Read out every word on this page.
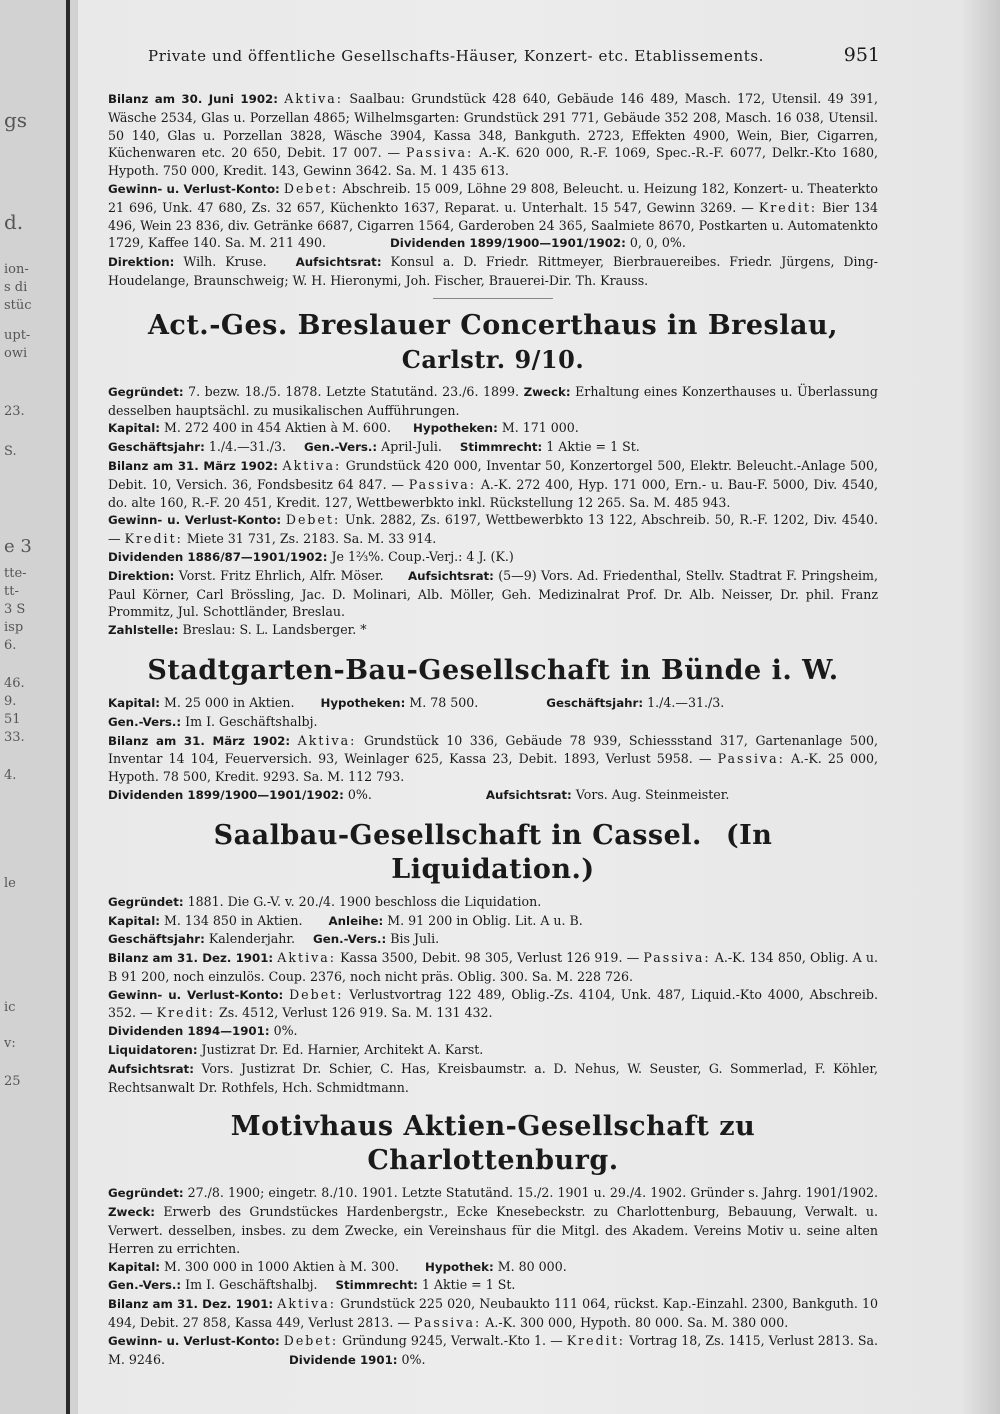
gs
d.
ion-
s di
stüc
upt-
owi
23.
S.
e 3
tte-
tt-
3 S
isp
6.
46.
9.
51
33.
4.
le
ic
v:
25
Private und öffentliche Gesellschafts-Häuser, Konzert- etc. Etablissements.	951

Bilanz am 30. Juni 1902: Aktiva: Saalbau: Grundstück 428 640, Gebäude 146 489, Masch. 172, Utensil. 49 391, Wäsche 2534, Glas u. Porzellan 4865; Wilhelmsgarten: Grundstück 291 771, Gebäude 352 208, Masch. 16 038, Utensil. 50 140, Glas u. Porzellan 3828, Wäsche 3904, Kassa 348, Bankguth. 2723, Effekten 4900, Wein, Bier, Cigarren, Küchenwaren etc. 20 650, Debit. 17 007. — Passiva: A.-K. 620 000, R.-F. 1069, Spec.-R.-F. 6077, Delkr.-Kto 1680, Hypoth. 750 000, Kredit. 143, Gewinn 3642. Sa. M. 1 435 613.

Gewinn- u. Verlust-Konto: Debet: Abschreib. 15 009, Löhne 29 808, Beleucht. u. Heizung 182, Konzert- u. Theaterkto 21 696, Unk. 47 680, Zs. 32 657, Küchenkto 1637, Reparat. u. Unterhalt. 15 547, Gewinn 3269. — Kredit: Bier 134 496, Wein 23 836, div. Getränke 6687, Cigarren 1564, Garderoben 24 365, Saalmiete 8670, Postkarten u. Automatenkto 1729, Kaffee 140. Sa. M. 211 490.	Dividenden 1899/1900—1901/1902: 0, 0, 0%.

Direktion: Wilh. Kruse. Aufsichtsrat: Konsul a. D. Friedr. Rittmeyer, Bierbrauereibes. Friedr. Jürgens, Ding-Houdelange, Braunschweig; W. H. Hieronymi, Joh. Fischer, Brauerei-Dir. Th. Krauss.

Act.-Ges. Breslauer Concerthaus in Breslau, Carlstr. 9/10.

Gegründet: 7. bezw. 18./5. 1878. Letzte Statutänd. 23./6. 1899. Zweck: Erhaltung eines Konzerthauses u. Überlassung desselben hauptsächl. zu musikalischen Aufführungen.

Kapital: M. 272 400 in 454 Aktien à M. 600. Hypotheken: M. 171 000.

Geschäftsjahr: 1./4.—31./3. Gen.-Vers.: April-Juli. Stimmrecht: 1 Aktie = 1 St.

Bilanz am 31. März 1902: Aktiva: Grundstück 420 000, Inventar 50, Konzertorgel 500, Elektr. Beleucht.-Anlage 500, Debit. 10, Versich. 36, Fondsbesitz 64 847. — Passiva: A.-K. 272 400, Hyp. 171 000, Ern.- u. Bau-F. 5000, Div. 4540, do. alte 160, R.-F. 20 451, Kredit. 127, Wettbewerbkto inkl. Rückstellung 12 265. Sa. M. 485 943.

Gewinn- u. Verlust-Konto: Debet: Unk. 2882, Zs. 6197, Wettbewerbkto 13 122, Abschreib. 50, R.-F. 1202, Div. 4540. — Kredit: Miete 31 731, Zs. 2183. Sa. M. 33 914.

Dividenden 1886/87—1901/1902: Je 1⅔%. Coup.-Verj.: 4 J. (K.)

Direktion: Vorst. Fritz Ehrlich, Alfr. Möser. Aufsichtsrat: (5—9) Vors. Ad. Friedenthal, Stellv. Stadtrat F. Pringsheim, Paul Körner, Carl Brössling, Jac. D. Molinari, Alb. Möller, Geh. Medizinalrat Prof. Dr. Alb. Neisser, Dr. phil. Franz Prommitz, Jul. Schottländer, Breslau.

Zahlstelle: Breslau: S. L. Landsberger. *

Stadtgarten-Bau-Gesellschaft in Bünde i. W.

Kapital: M. 25 000 in Aktien. Hypotheken: M. 78 500.	Geschäftsjahr: 1./4.—31./3.

Gen.-Vers.: Im I. Geschäftshalbj.

Bilanz am 31. März 1902: Aktiva: Grundstück 10 336, Gebäude 78 939, Schiessstand 317, Gartenanlage 500, Inventar 14 104, Feuerversich. 93, Weinlager 625, Kassa 23, Debit. 1893, Verlust 5958. — Passiva: A.-K. 25 000, Hypoth. 78 500, Kredit. 9293. Sa. M. 112 793.

Dividenden 1899/1900—1901/1902: 0%.	Aufsichtsrat: Vors. Aug. Steinmeister.

Saalbau-Gesellschaft in Cassel. (In Liquidation.)

Gegründet: 1881. Die G.-V. v. 20./4. 1900 beschloss die Liquidation.

Kapital: M. 134 850 in Aktien. Anleihe: M. 91 200 in Oblig. Lit. A u. B.

Geschäftsjahr: Kalenderjahr. Gen.-Vers.: Bis Juli.

Bilanz am 31. Dez. 1901: Aktiva: Kassa 3500, Debit. 98 305, Verlust 126 919. — Passiva: A.-K. 134 850, Oblig. A u. B 91 200, noch einzulös. Coup. 2376, noch nicht präs. Oblig. 300. Sa. M. 228 726.

Gewinn- u. Verlust-Konto: Debet: Verlustvortrag 122 489, Oblig.-Zs. 4104, Unk. 487, Liquid.-Kto 4000, Abschreib. 352. — Kredit: Zs. 4512, Verlust 126 919. Sa. M. 131 432.

Dividenden 1894—1901: 0%.

Liquidatoren: Justizrat Dr. Ed. Harnier, Architekt A. Karst.

Aufsichtsrat: Vors. Justizrat Dr. Schier, C. Has, Kreisbaumstr. a. D. Nehus, W. Seuster, G. Sommerlad, F. Köhler, Rechtsanwalt Dr. Rothfels, Hch. Schmidtmann.

Motivhaus Aktien-Gesellschaft zu Charlottenburg.

Gegründet: 27./8. 1900; eingetr. 8./10. 1901. Letzte Statutänd. 15./2. 1901 u. 29./4. 1902. Gründer s. Jahrg. 1901/1902. Zweck: Erwerb des Grundstückes Hardenbergstr., Ecke Knesebeckstr. zu Charlottenburg, Bebauung, Verwalt. u. Verwert. desselben, insbes. zu dem Zwecke, ein Vereinshaus für die Mitgl. des Akadem. Vereins Motiv u. seine alten Herren zu errichten.

Kapital: M. 300 000 in 1000 Aktien à M. 300. Hypothek: M. 80 000.

Gen.-Vers.: Im I. Geschäftshalbj. Stimmrecht: 1 Aktie = 1 St.

Bilanz am 31. Dez. 1901: Aktiva: Grundstück 225 020, Neubaukto 111 064, rückst. Kap.-Einzahl. 2300, Bankguth. 10 494, Debit. 27 858, Kassa 449, Verlust 2813. — Passiva: A.-K. 300 000, Hypoth. 80 000. Sa. M. 380 000.

Gewinn- u. Verlust-Konto: Debet: Gründung 9245, Verwalt.-Kto 1. — Kredit: Vortrag 18, Zs. 1415, Verlust 2813. Sa. M. 9246.	Dividende 1901: 0%.
